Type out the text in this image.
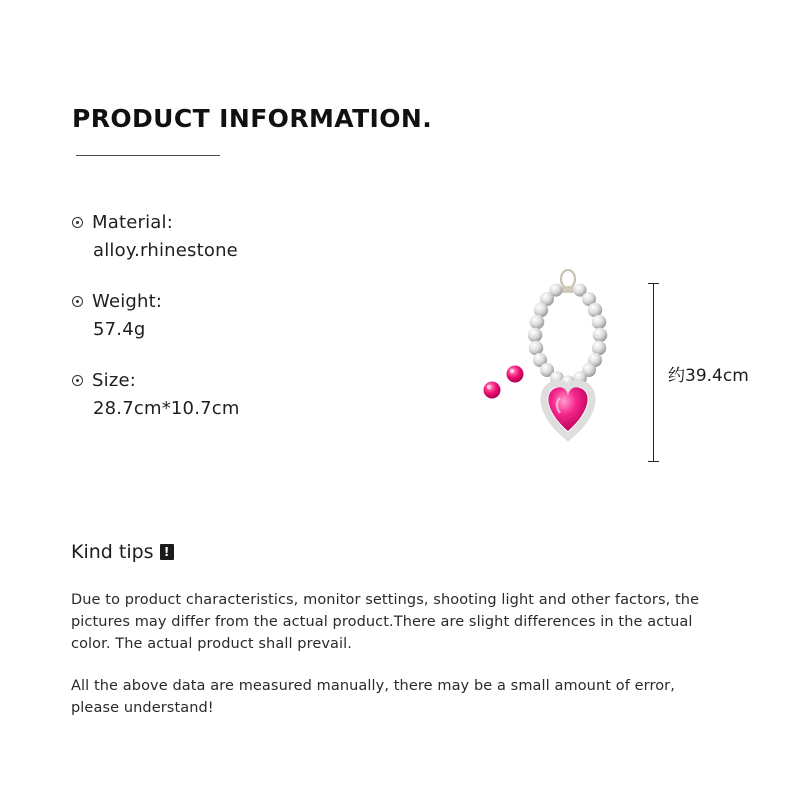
PRODUCT INFORMATION.
Material:
alloy.rhinestone
Weight:
57.4g
Size:
28.7cm*10.7cm
约39.4cm
Kind tips !

Due to product characteristics, monitor settings, shooting light and other factors, the pictures may differ from the actual product.There are slight differences in the actual color. The actual product shall prevail.

All the above data are measured manually, there may be a small amount of error, please understand!
